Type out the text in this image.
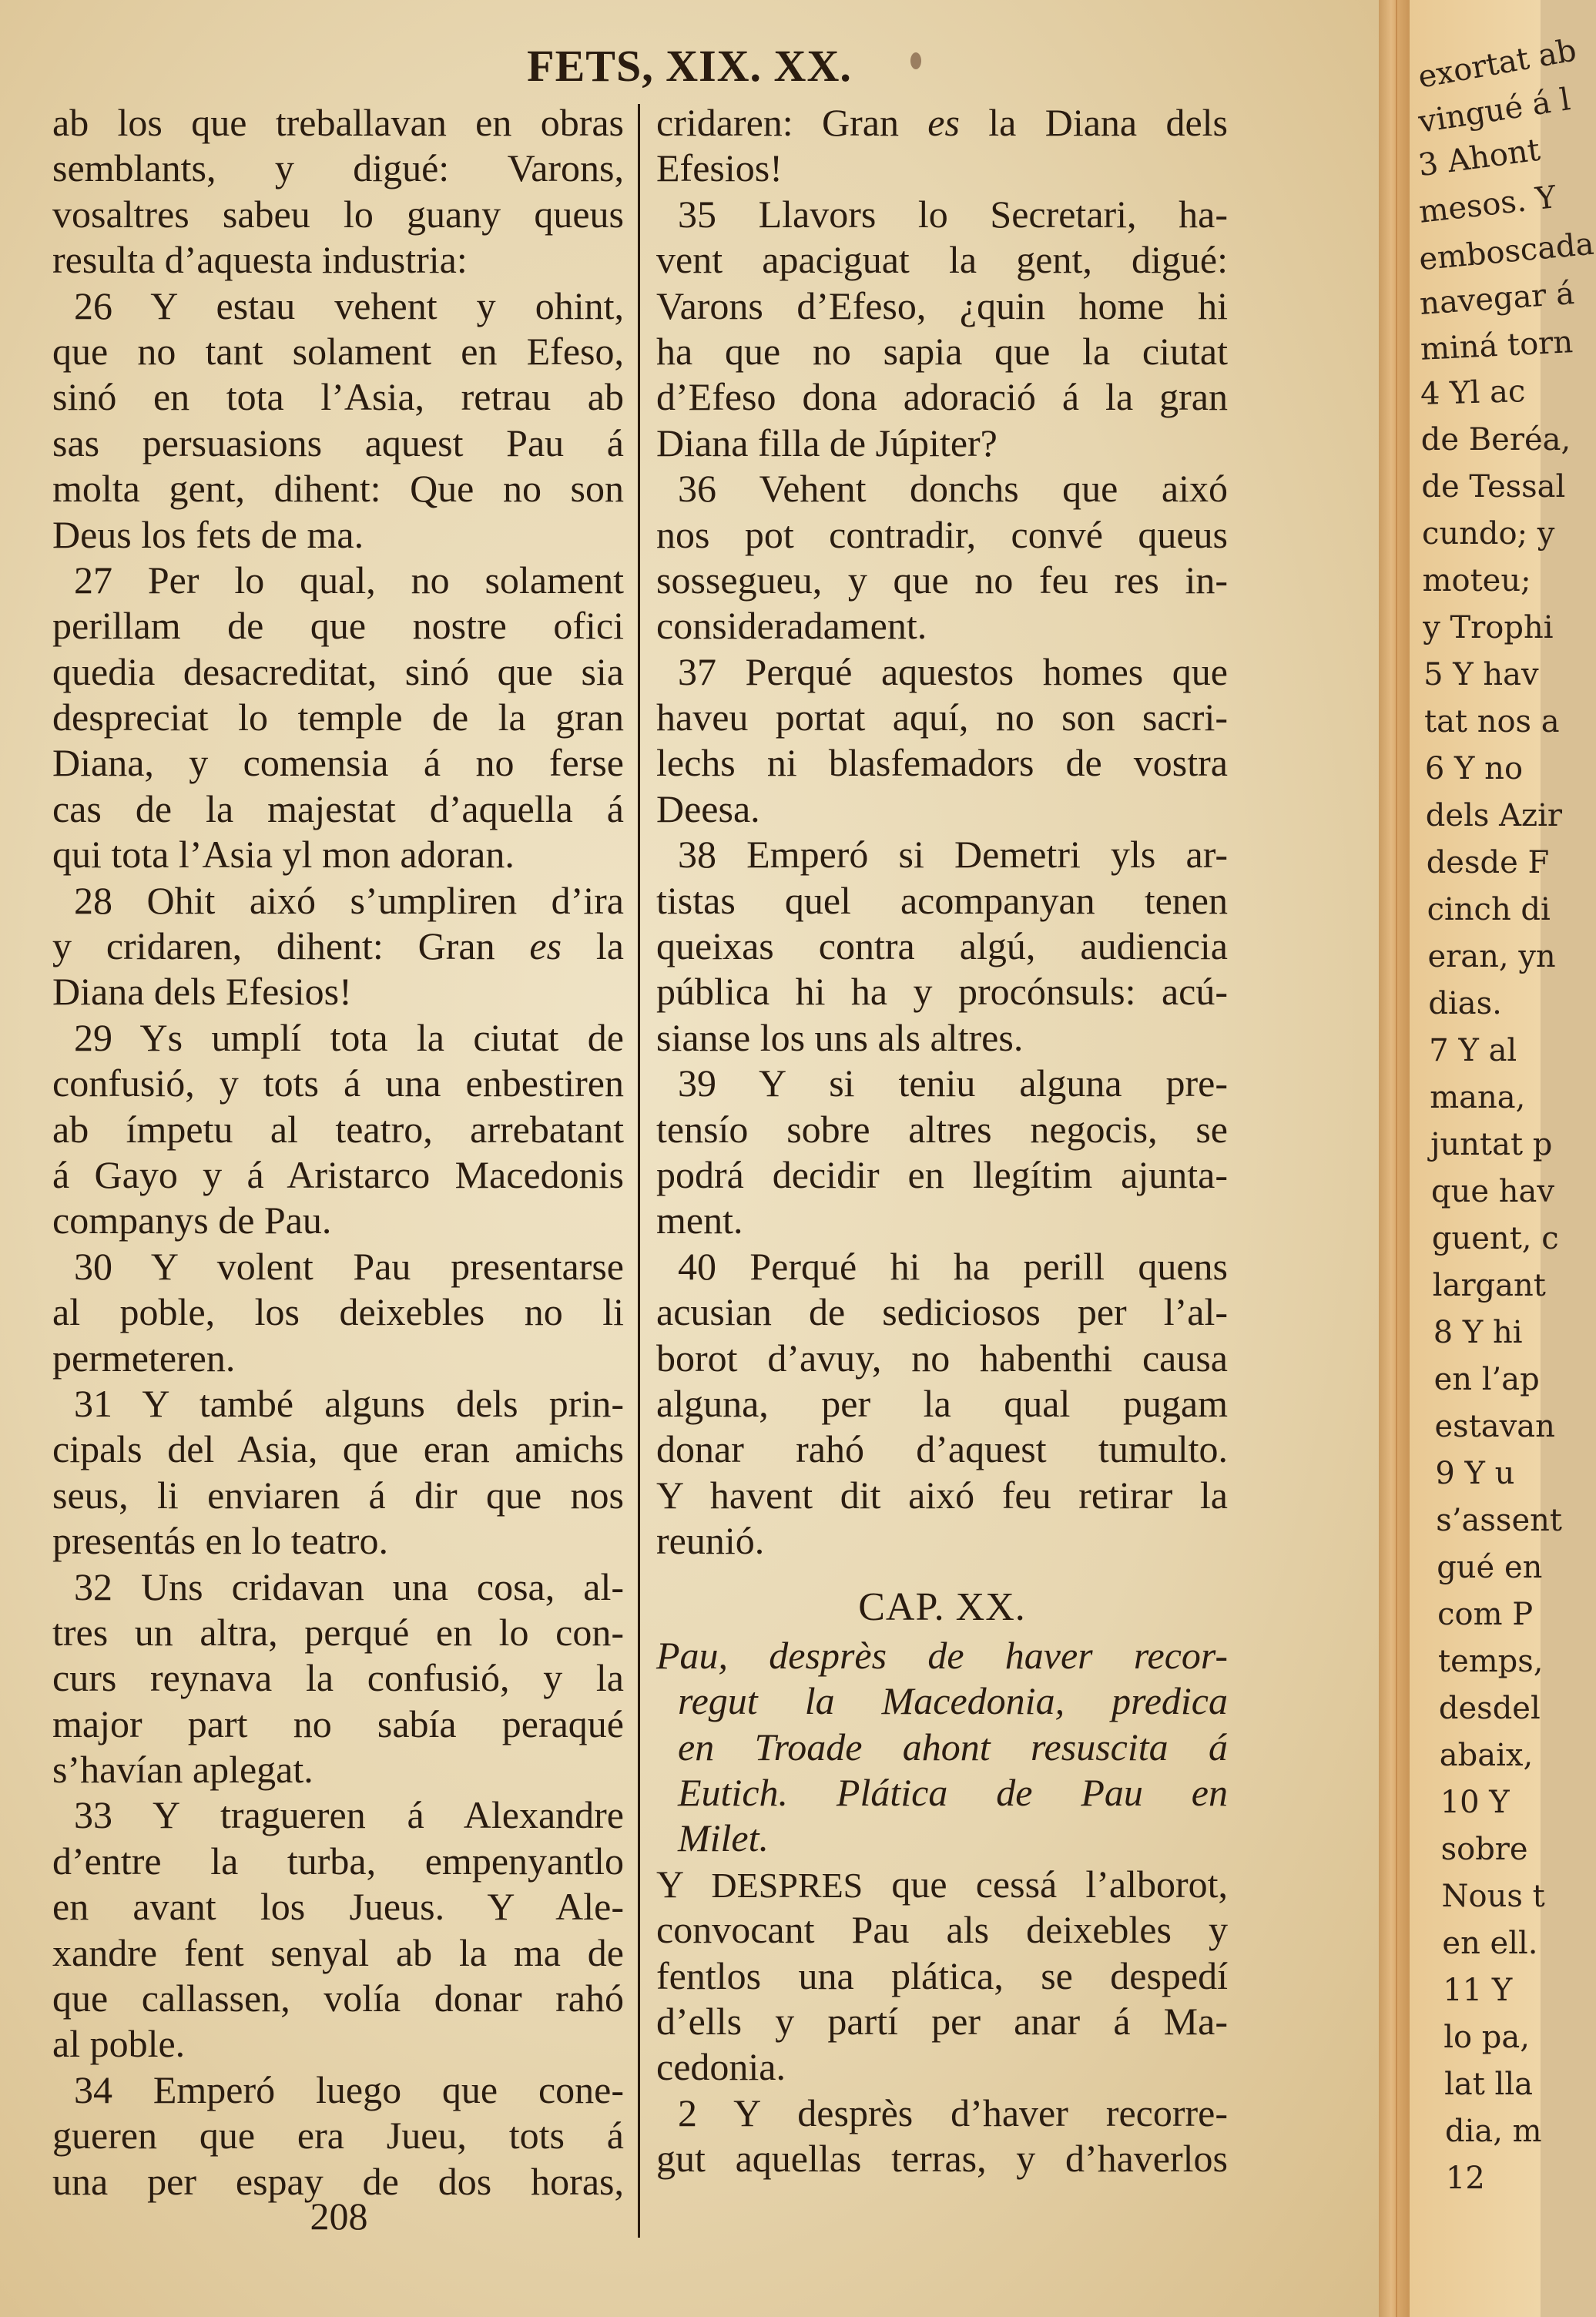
FETS, XIX. XX.
ab los que treballavan en obras
semblants, y digué: Varons,
vosaltres sabeu lo guany queus
resulta d’aquesta industria:
26 Y estau vehent y ohint,
que no tant solament en Efeso,
sinó en tota l’Asia, retrau ab
sas persuasions aquest Pau á
molta gent, dihent: Que no son
Deus los fets de ma.
27 Per lo qual, no solament
perillam de que nostre ofici
quedia desacreditat, sinó que sia
despreciat lo temple de la gran
Diana, y comensia á no ferse
cas de la majestat d’aquella á
qui tota l’Asia yl mon adoran.
28 Ohit aixó s’umpliren d’ira
y cridaren, dihent: Gran es la
Diana dels Efesios!
29 Ys umplí tota la ciutat de
confusió, y tots á una enbestiren
ab ímpetu al teatro, arrebatant
á Gayo y á Aristarco Macedonis
companys de Pau.
30 Y volent Pau presentarse
al poble, los deixebles no li
permeteren.
31 Y també alguns dels prin-
cipals del Asia, que eran amichs
seus, li enviaren á dir que nos
presentás en lo teatro.
32 Uns cridavan una cosa, al-
tres un altra, perqué en lo con-
curs reynava la confusió, y la
major part no sabía peraqué
s’havían aplegat.
33 Y tragueren á Alexandre
d’entre la turba, empenyantlo
en avant los Jueus. Y Ale-
xandre fent senyal ab la ma de
que callassen, volía donar rahó
al poble.
34 Emperó luego que cone-
gueren que era Jueu, tots á
una per espay de dos horas,
cridaren: Gran es la Diana dels
Efesios!
35 Llavors lo Secretari, ha-
vent apaciguat la gent, digué:
Varons d’Efeso, ¿quin home hi
ha que no sapia que la ciutat
d’Efeso dona adoració á la gran
Diana filla de Júpiter?
36 Vehent donchs que aixó
nos pot contradir, convé queus
sosseguеu, y que no feu res in-
consideradament.
37 Perqué aquestos homes que
haveu portat aquí, no son sacri-
lechs ni blasfemadors de vostra
Deesa.
38 Emperó si Demetri yls ar-
tistas quel acompanyan tenen
queixas contra algú, audiencia
pública hi ha y procónsuls: acú-
sianse los uns als altres.
39 Y si teniu alguna pre-
tensío sobre altres negocis, se
podrá decidir en llegítim ajunta-
ment.
40 Perqué hi ha perill quens
acusian de sediciosos per l’al-
borot d’avuy, no habenthi causa
alguna, per la qual pugam
donar rahó d’aquest tumulto.
Y havent dit aixó feu retirar la
reunió.
CAP. XX.
Pau, desprès de haver recor-
regut la Macedonia, predica
en Troade ahont resuscita á
Eutich. Plática de Pau en
Milet.
Y DESPRES que cessá l’alborot,
convocant Pau als deixebles y
fentlos una plática, se despedí
d’ells y partí per anar á Ma-
cedonia.
2 Y desprès d’haver recorre-
gut aquellas terras, y d’haverlos
208
exortat ab
vingué á l
3 Ahont
mesos. Y
emboscada
navegar á
miná torn
4 Yl ac
de Beréa,
de Tessal
cundo; y
moteu;
y Trophi
5 Y hav
tat nos a
6 Y no
dels Azir
desde F
cinch di
eran, yn
dias.
7 Y al
mana,
juntat p
que hav
guent, c
largant
8 Y hi
en l’ap
estavan
9 Y u
s’assent
gué en
com P
temps,
desdel
abaix,
10 Y
sobre
Nous t
en ell.
11 Y
lo pa,
lat lla
dia, m
12
